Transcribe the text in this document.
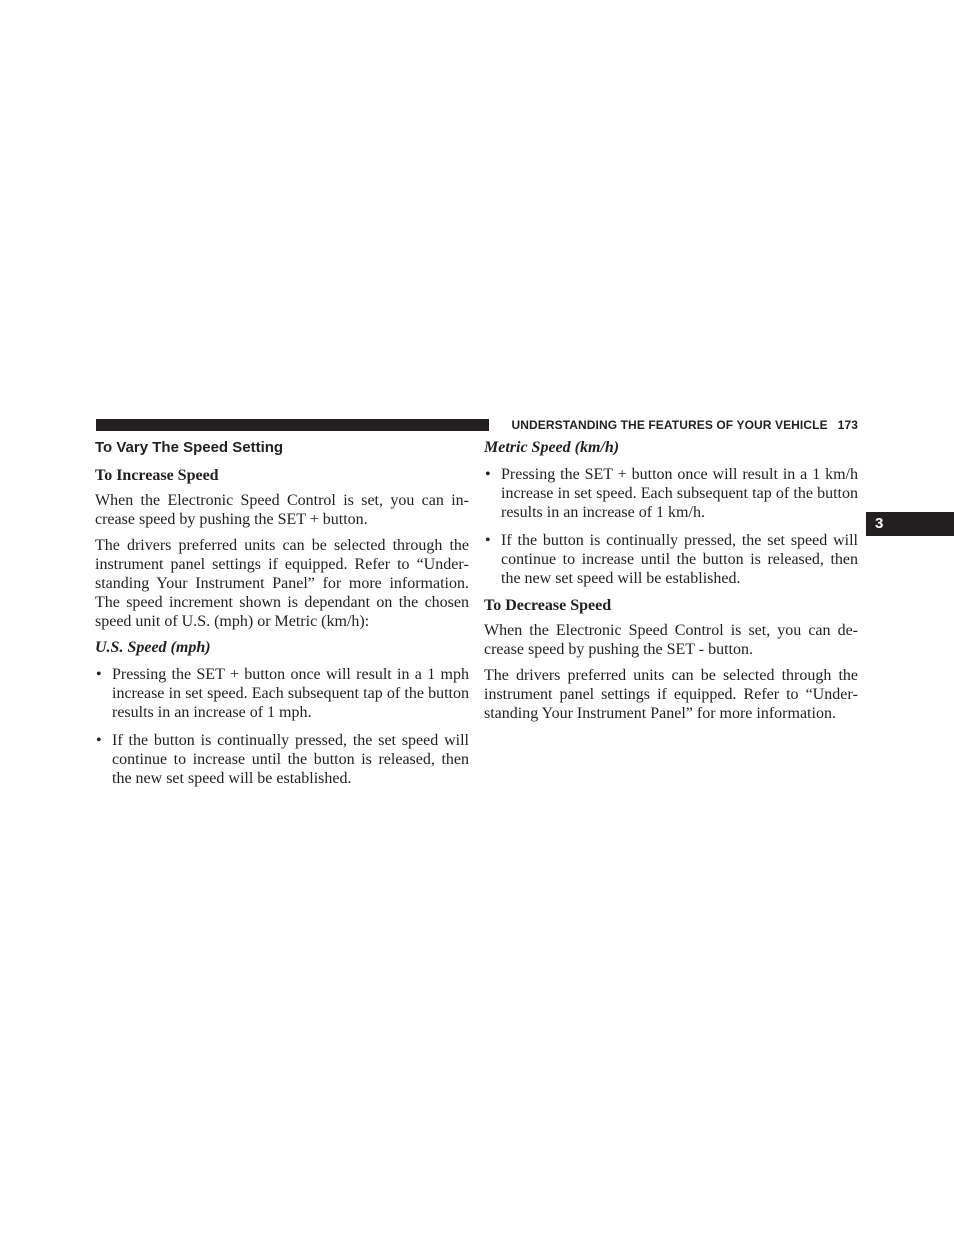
UNDERSTANDING THE FEATURES OF YOUR VEHICLE 173
3
To Vary The Speed Setting
To Increase Speed

When the Electronic Speed Control is set, you can increase speed by pushing the SET + button.

The drivers preferred units can be selected through the instrument panel settings if equipped. Refer to “Understanding Your Instrument Panel” for more information. The speed increment shown is dependant on the chosen speed unit of U.S. (mph) or Metric (km/h):

U.S. Speed (mph)
• Pressing the SET + button once will result in a 1 mph increase in set speed. Each subsequent tap of the button results in an increase of 1 mph.
• If the button is continually pressed, the set speed will continue to increase until the button is released, then the new set speed will be established.
Metric Speed (km/h)
• Pressing the SET + button once will result in a 1 km/h increase in set speed. Each subsequent tap of the button results in an increase of 1 km/h.
• If the button is continually pressed, the set speed will continue to increase until the button is released, then the new set speed will be established.
To Decrease Speed

When the Electronic Speed Control is set, you can decrease speed by pushing the SET - button.

The drivers preferred units can be selected through the instrument panel settings if equipped. Refer to “Understanding Your Instrument Panel” for more information.
